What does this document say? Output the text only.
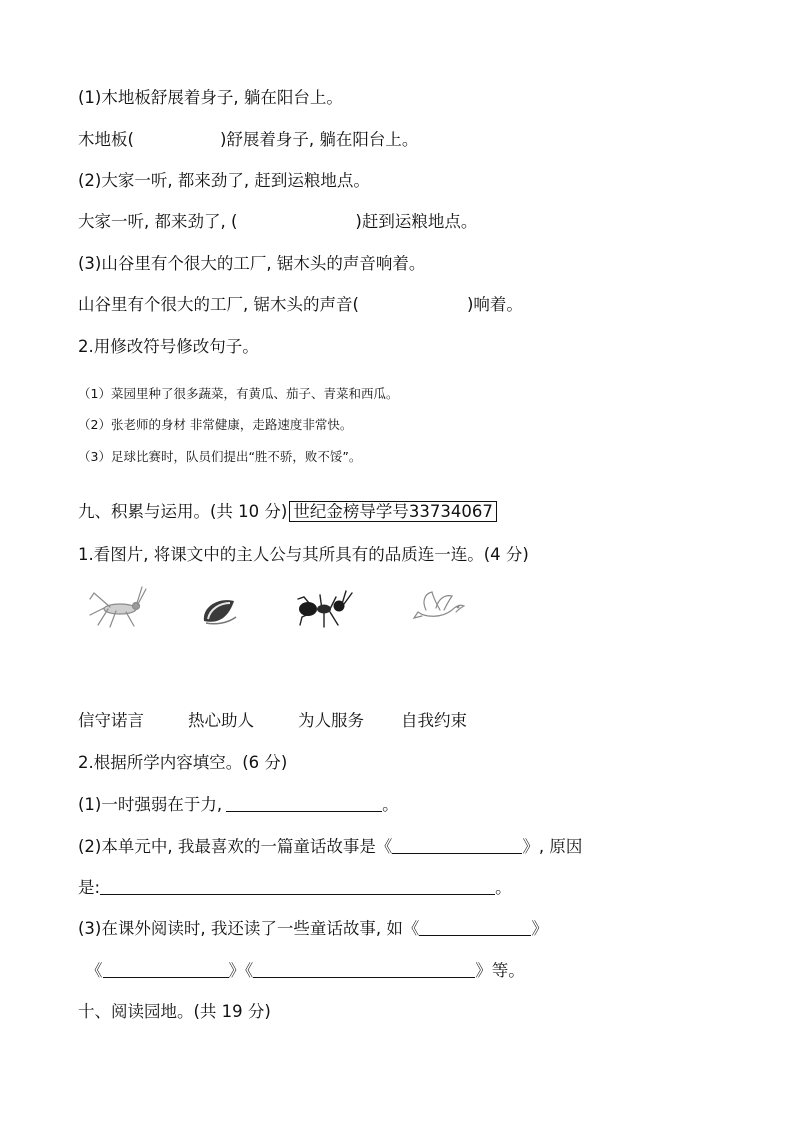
(1)木地板舒展着身子, 躺在阳台上。
木地板(	)舒展着身子, 躺在阳台上。
(2)大家一听, 都来劲了, 赶到运粮地点。
大家一听, 都来劲了, (	)赶到运粮地点。
(3)山谷里有个很大的工厂, 锯木头的声音响着。
山谷里有个很大的工厂, 锯木头的声音(	)响着。
2.用修改符号修改句子。
（1）菜园里种了很多蔬菜，有黄瓜、茄子、青菜和西瓜。
（2）张老师的身材 非常健康，走路速度非常快。
（3）足球比赛时，队员们提出“胜不骄，败不馁”。
九、积累与运用。(共 10 分) 世纪金榜导学号33734067
1.看图片, 将课文中的主人公与其所具有的品质连一连。(4 分)
信守诺言	热心助人	为人服务 自我约束
2.根据所学内容填空。(6 分)
(1)一时强弱在于力,	。
(2)本单元中, 我最喜欢的一篇童话故事是《	》, 原因
是:	。
(3)在课外阅读时, 我还读了一些童话故事, 如《	》
《	》《	》等。
十、阅读园地。(共 19 分)
